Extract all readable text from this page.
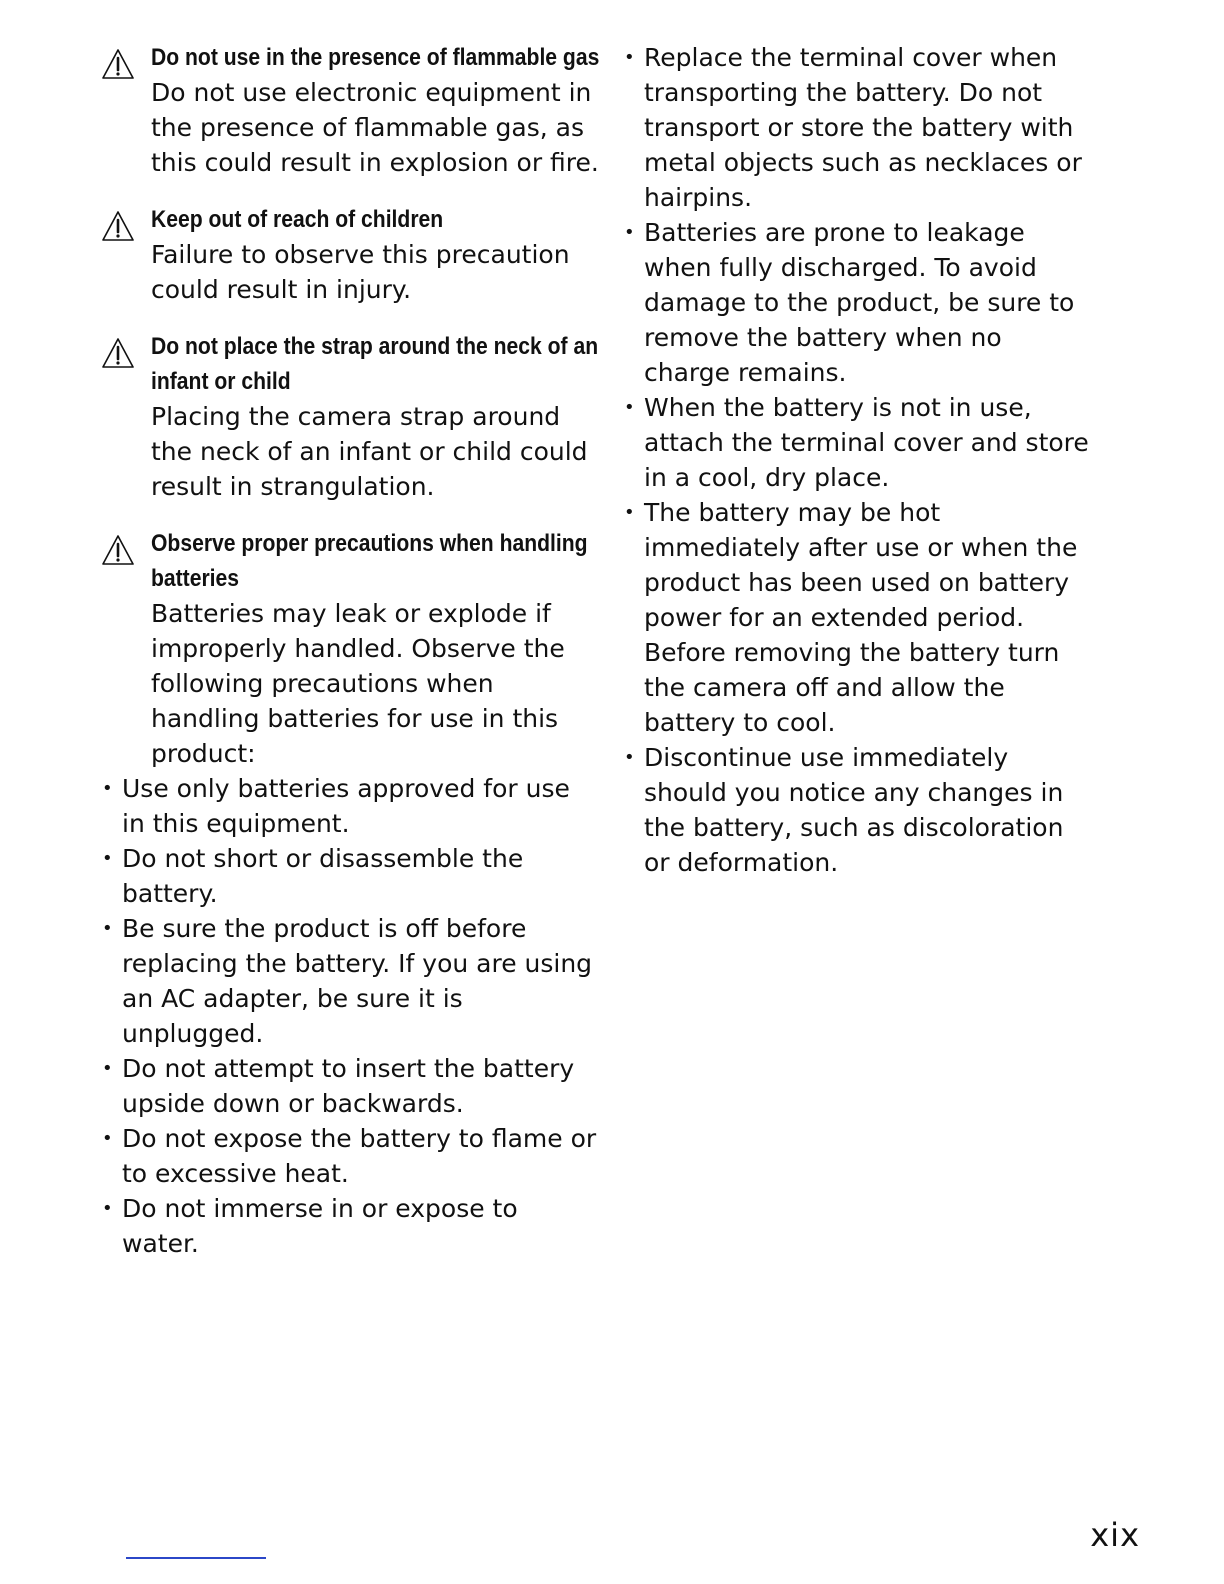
Do not use in the presence of flammable gas
Do not use electronic equipment in the presence of flammable gas, as this could result in explosion or fire.
Keep out of reach of children
Failure to observe this precaution could result in injury.
Do not place the strap around the neck of an infant or child
Placing the camera strap around the neck of an infant or child could result in strangulation.
Observe proper precautions when handling batteries
Batteries may leak or explode if improperly handled. Observe the following precautions when handling batteries for use in this product:
• Use only batteries approved for use in this equipment.
• Do not short or disassemble the battery.
• Be sure the product is off before replacing the battery. If you are using an AC adapter, be sure it is unplugged.
• Do not attempt to insert the battery upside down or backwards.
• Do not expose the battery to flame or to excessive heat.
• Do not immerse in or expose to water.
• Replace the terminal cover when transporting the battery. Do not transport or store the battery with metal objects such as necklaces or hairpins.
• Batteries are prone to leakage when fully discharged. To avoid damage to the product, be sure to remove the battery when no charge remains.
• When the battery is not in use, attach the terminal cover and store in a cool, dry place.
• The battery may be hot immediately after use or when the product has been used on battery power for an extended period. Before removing the battery turn the camera off and allow the battery to cool.
• Discontinue use immediately should you notice any changes in the battery, such as discoloration or deformation.
xix
